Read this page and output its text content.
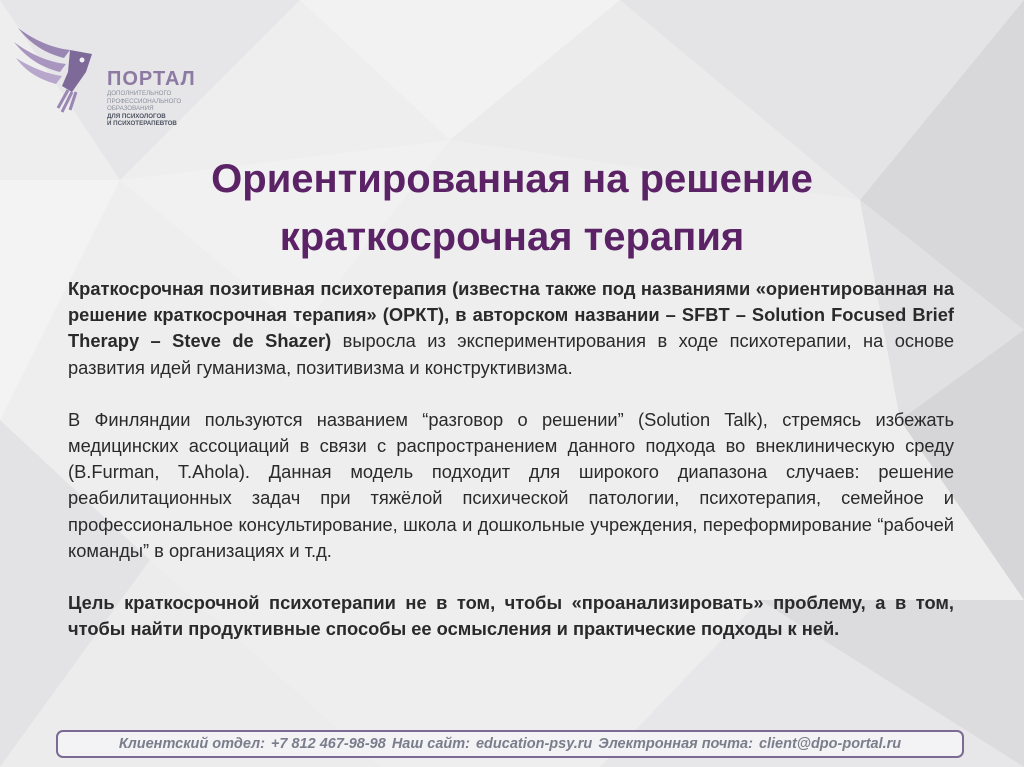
ПОРТАЛ
ДОПОЛНИТЕЛЬНОГО
ПРОФЕССИОНАЛЬНОГО
ОБРАЗОВАНИЯ
ДЛЯ ПСИХОЛОГОВ
И ПСИХОТЕРАПЕВТОВ
Ориентированная на решение
краткосрочная терапия

Краткосрочная позитивная психотерапия (известна также под названиями «ориентированная на решение краткосрочная терапия» (ОРКТ), в авторском названии – SFBT – Solution Focused Brief Therapy – Steve de Shazer) выросла из экспериментирования в ходе психотерапии, на основе развития идей гуманизма, позитивизма и конструктивизма.

В Финляндии пользуются названием “разговор о решении” (Solution Talk), стремясь избежать медицинских ассоциаций в связи с распространением данного подхода во внеклиническую среду (B.Furman, T.Ahola). Данная модель подходит для широкого диапазона случаев: решение реабилитационных задач при тяжёлой психической патологии, психотерапия, семейное и профессиональное консультирование, школа и дошкольные учреждения, переформирование “рабочей команды” в организациях и т.д.

Цель краткосрочной психотерапии не в том, чтобы «проанализировать» проблему, а в том, чтобы найти продуктивные способы ее осмысления и практические подходы к ней.

Клиентский отдел: +7 812 467-98-98 Наш сайт: education-psy.ru Электронная почта: client@dpo-portal.ru
